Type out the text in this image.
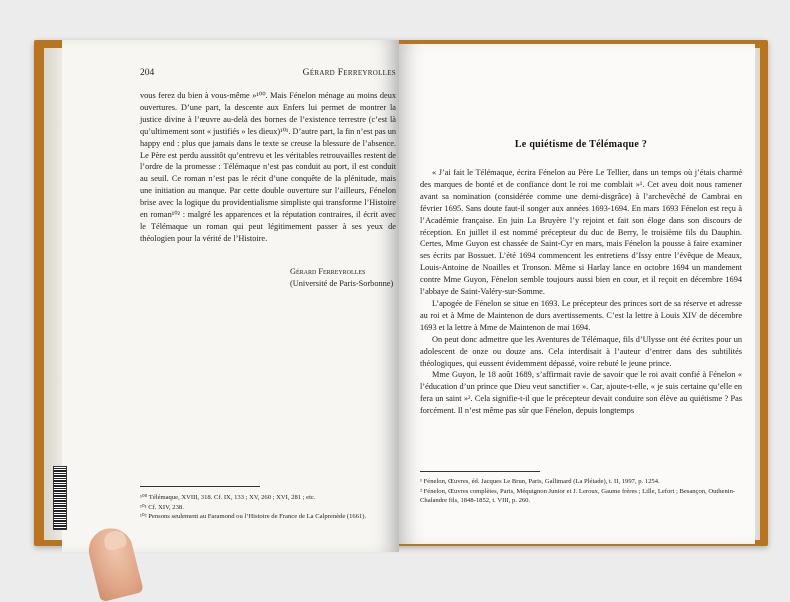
204	Gérard Ferreyrolles

vous ferez du bien à vous-même »¹⁰⁰. Mais Fénelon ménage au moins deux ouvertures. D’une part, la descente aux Enfers lui permet de montrer la justice divine à l’œuvre au-delà des bornes de l’existence terrestre (c’est là qu’ultimement sont « justifiés » les dieux)¹⁰¹. D’autre part, la fin n’est pas un happy end : plus que jamais dans le texte se creuse la blessure de l’absence. Le Père est perdu aussitôt qu’entrevu et les véritables retrouvailles restent de l’ordre de la promesse : Télémaque n’est pas conduit au port, il est conduit au seuil. Ce roman n’est pas le récit d’une conquête de la plénitude, mais une initiation au manque. Par cette double ouverture sur l’ailleurs, Fénelon brise avec la logique du providentialisme simpliste qui transforme l’Histoire en roman¹⁰² : malgré les apparences et la réputation contraires, il écrit avec le Télémaque un roman qui peut légitimement passer à ses yeux de théologien pour la vérité de l’Histoire.

Gérard Ferreyrolles
(Université de Paris-Sorbonne)
¹⁰⁰ Télémaque, XVIII, 318. Cf. IX, 133 ; XV, 260 ; XVI, 281 ; etc.
¹⁰¹ Cf. XIV, 238.
¹⁰² Pensons seulement au Faramond ou l’Histoire de France de La Calprenède (1661).
Le quiétisme de Télémaque ?

« J’ai fait le Télémaque, écrira Fénelon au Père Le Tellier, dans un temps où j’étais charmé des marques de bonté et de confiance dont le roi me comblait »¹. Cet aveu doit nous ramener avant sa nomination (considérée comme une demi-disgrâce) à l’archevêché de Cambrai en février 1695. Sans doute faut-il songer aux années 1693-1694. En mars 1693 Fénelon est reçu à l’Académie française. En juin La Bruyère l’y rejoint et fait son éloge dans son discours de réception. En juillet il est nommé précepteur du duc de Berry, le troisième fils du Dauphin. Certes, Mme Guyon est chassée de Saint-Cyr en mars, mais Fénelon la pousse à faire examiner ses écrits par Bossuet. L’été 1694 commencent les entretiens d’Issy entre l’évêque de Meaux, Louis-Antoine de Noailles et Tronson. Même si Harlay lance en octobre 1694 un mandement contre Mme Guyon, Fénelon semble toujours aussi bien en cour, et il reçoit en décembre 1694 l’abbaye de Saint-Valéry-sur-Somme.

L’apogée de Fénelon se situe en 1693. Le précepteur des princes sort de sa réserve et adresse au roi et à Mme de Maintenon de durs avertissements. C’est la lettre à Louis XIV de décembre 1693 et la lettre à Mme de Maintenon de mai 1694.

On peut donc admettre que les Aventures de Télémaque, fils d’Ulysse ont été écrites pour un adolescent de onze ou douze ans. Cela interdisait à l’auteur d’entrer dans des subtilités théologiques, qui eussent évidemment dépassé, voire rebuté le jeune prince.

Mme Guyon, le 18 août 1689, s’affirmait ravie de savoir que le roi avait confié à Fénelon « l’éducation d’un prince que Dieu veut sanctifier ». Car, ajoute-t-elle, « je suis certaine qu’elle en fera un saint »². Cela signifie-t-il que le précepteur devait conduire son élève au quiétisme ? Pas forcément. Il n’est même pas sûr que Fénelon, depuis longtemps

¹ Fénelon, Œuvres, éd. Jacques Le Brun, Paris, Gallimard (La Pléiade), t. II, 1997, p. 1254.
² Fénelon, Œuvres complètes, Paris, Méquignon Junior et J. Leroux, Gaume frères ; Lille, Lefort ; Besançon, Outhenin-Chalandre fils, 1848-1852, t. VIII, p. 260.
